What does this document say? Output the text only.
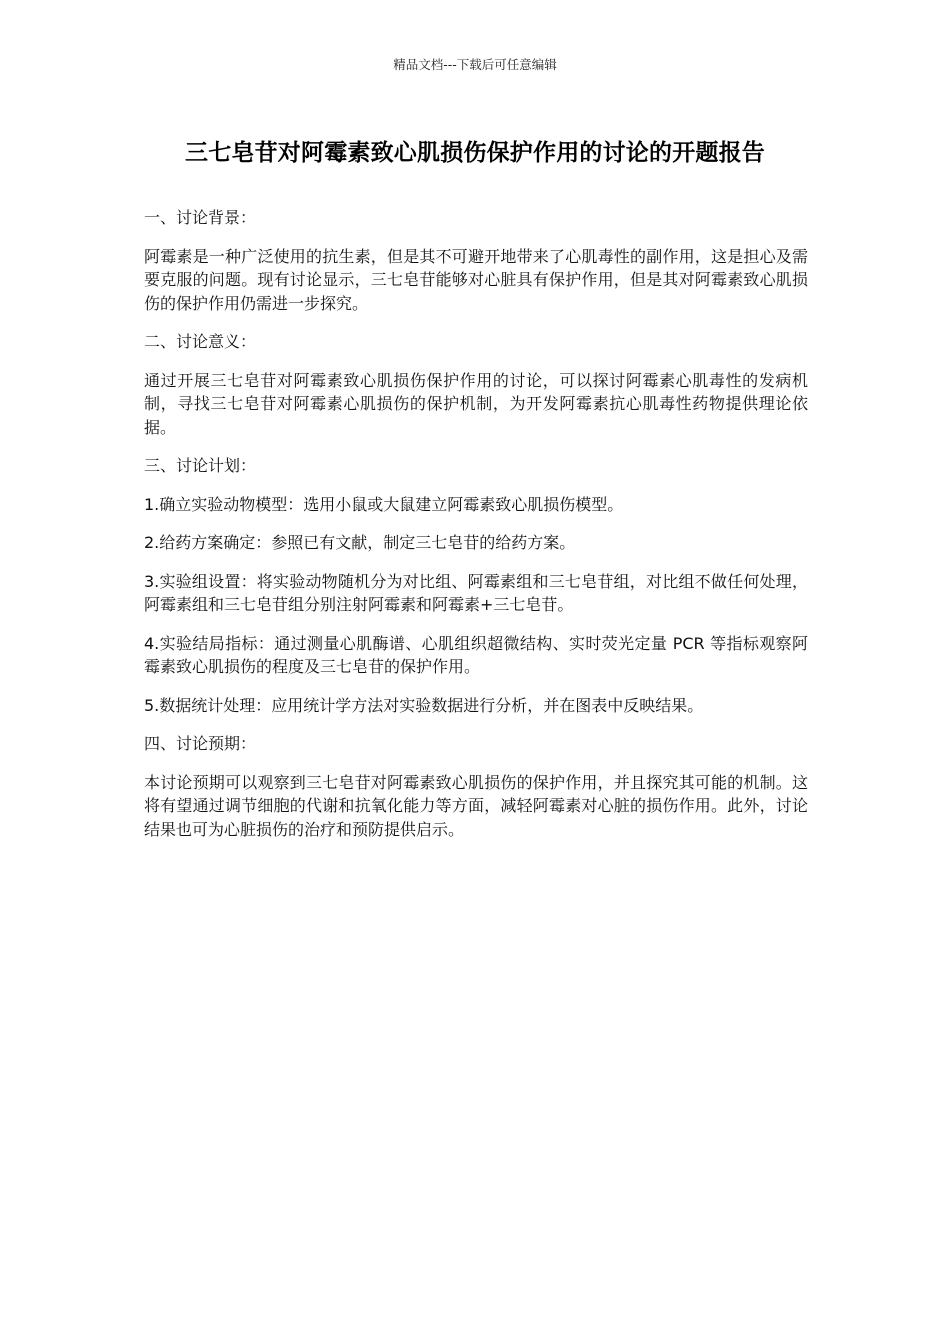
精品文档---下载后可任意编辑
三七皂苷对阿霉素致心肌损伤保护作用的讨论的开题报告

一、讨论背景：

阿霉素是一种广泛使用的抗生素，但是其不可避开地带来了心肌毒性的副作用，这是担心及需要克服的问题。现有讨论显示，三七皂苷能够对心脏具有保护作用，但是其对阿霉素致心肌损伤的保护作用仍需进一步探究。

二、讨论意义：

通过开展三七皂苷对阿霉素致心肌损伤保护作用的讨论，可以探讨阿霉素心肌毒性的发病机制，寻找三七皂苷对阿霉素心肌损伤的保护机制，为开发阿霉素抗心肌毒性药物提供理论依据。

三、讨论计划：

1.确立实验动物模型：选用小鼠或大鼠建立阿霉素致心肌损伤模型。

2.给药方案确定：参照已有文献，制定三七皂苷的给药方案。

3.实验组设置：将实验动物随机分为对比组、阿霉素组和三七皂苷组，对比组不做任何处理，阿霉素组和三七皂苷组分别注射阿霉素和阿霉素+三七皂苷。

4.实验结局指标：通过测量心肌酶谱、心肌组织超微结构、实时荧光定量 PCR 等指标观察阿霉素致心肌损伤的程度及三七皂苷的保护作用。

5.数据统计处理：应用统计学方法对实验数据进行分析，并在图表中反映结果。

四、讨论预期：

本讨论预期可以观察到三七皂苷对阿霉素致心肌损伤的保护作用，并且探究其可能的机制。这将有望通过调节细胞的代谢和抗氧化能力等方面，减轻阿霉素对心脏的损伤作用。此外，讨论结果也可为心脏损伤的治疗和预防提供启示。
